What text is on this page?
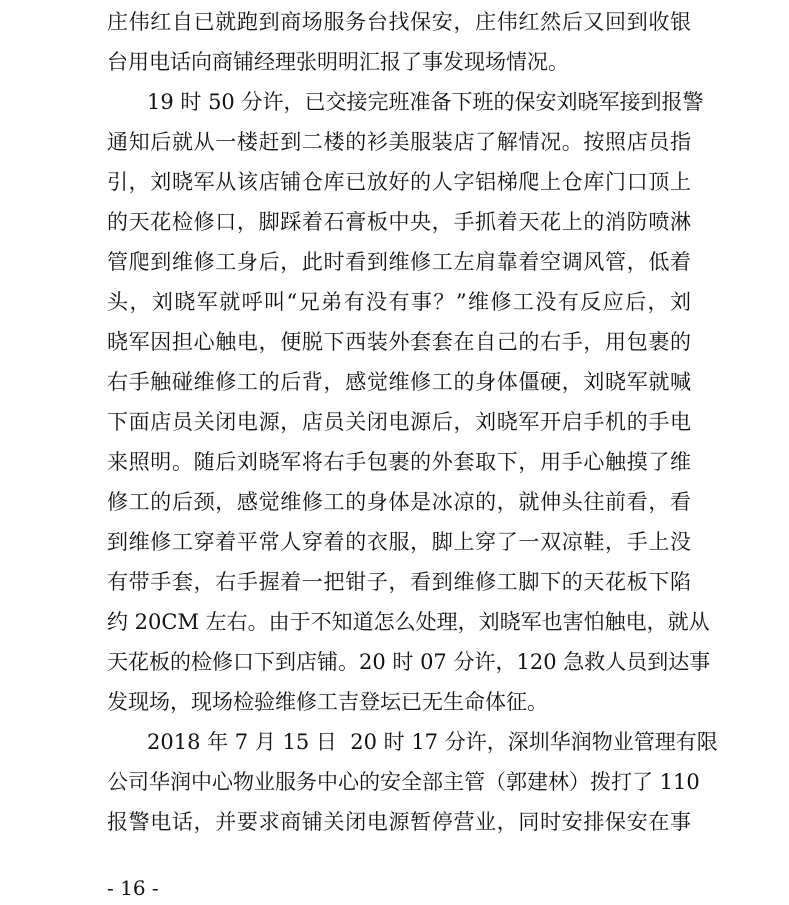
庄伟红自已就跑到商场服务台找保安，庄伟红然后又回到收银
台用电话向商铺经理张明明汇报了事发现场情况。
19 时 50 分许，已交接完班准备下班的保安刘晓军接到报警
通知后就从一楼赶到二楼的衫美服装店了解情况。按照店员指
引，刘晓军从该店铺仓库已放好的人字铝梯爬上仓库门口顶上
的天花检修口，脚踩着石膏板中央，手抓着天花上的消防喷淋
管爬到维修工身后，此时看到维修工左肩靠着空调风管，低着
头，刘晓军就呼叫“兄弟有没有事？”维修工没有反应后，刘
晓军因担心触电，便脱下西装外套套在自己的右手，用包裹的
右手触碰维修工的后背，感觉维修工的身体僵硬，刘晓军就喊
下面店员关闭电源，店员关闭电源后，刘晓军开启手机的手电
来照明。随后刘晓军将右手包裹的外套取下，用手心触摸了维
修工的后颈，感觉维修工的身体是冰凉的，就伸头往前看，看
到维修工穿着平常人穿着的衣服，脚上穿了一双凉鞋，手上没
有带手套，右手握着一把钳子，看到维修工脚下的天花板下陷
约 20CM 左右。由于不知道怎么处理，刘晓军也害怕触电，就从
天花板的检修口下到店铺。20 时 07 分许，120 急救人员到达事
发现场，现场检验维修工吉登坛已无生命体征。
2018 年 7 月 15 日  20 时 17 分许，深圳华润物业管理有限
公司华润中心物业服务中心的安全部主管（郭建林）拨打了 110
报警电话，并要求商铺关闭电源暂停营业，同时安排保安在事
- 16 -
